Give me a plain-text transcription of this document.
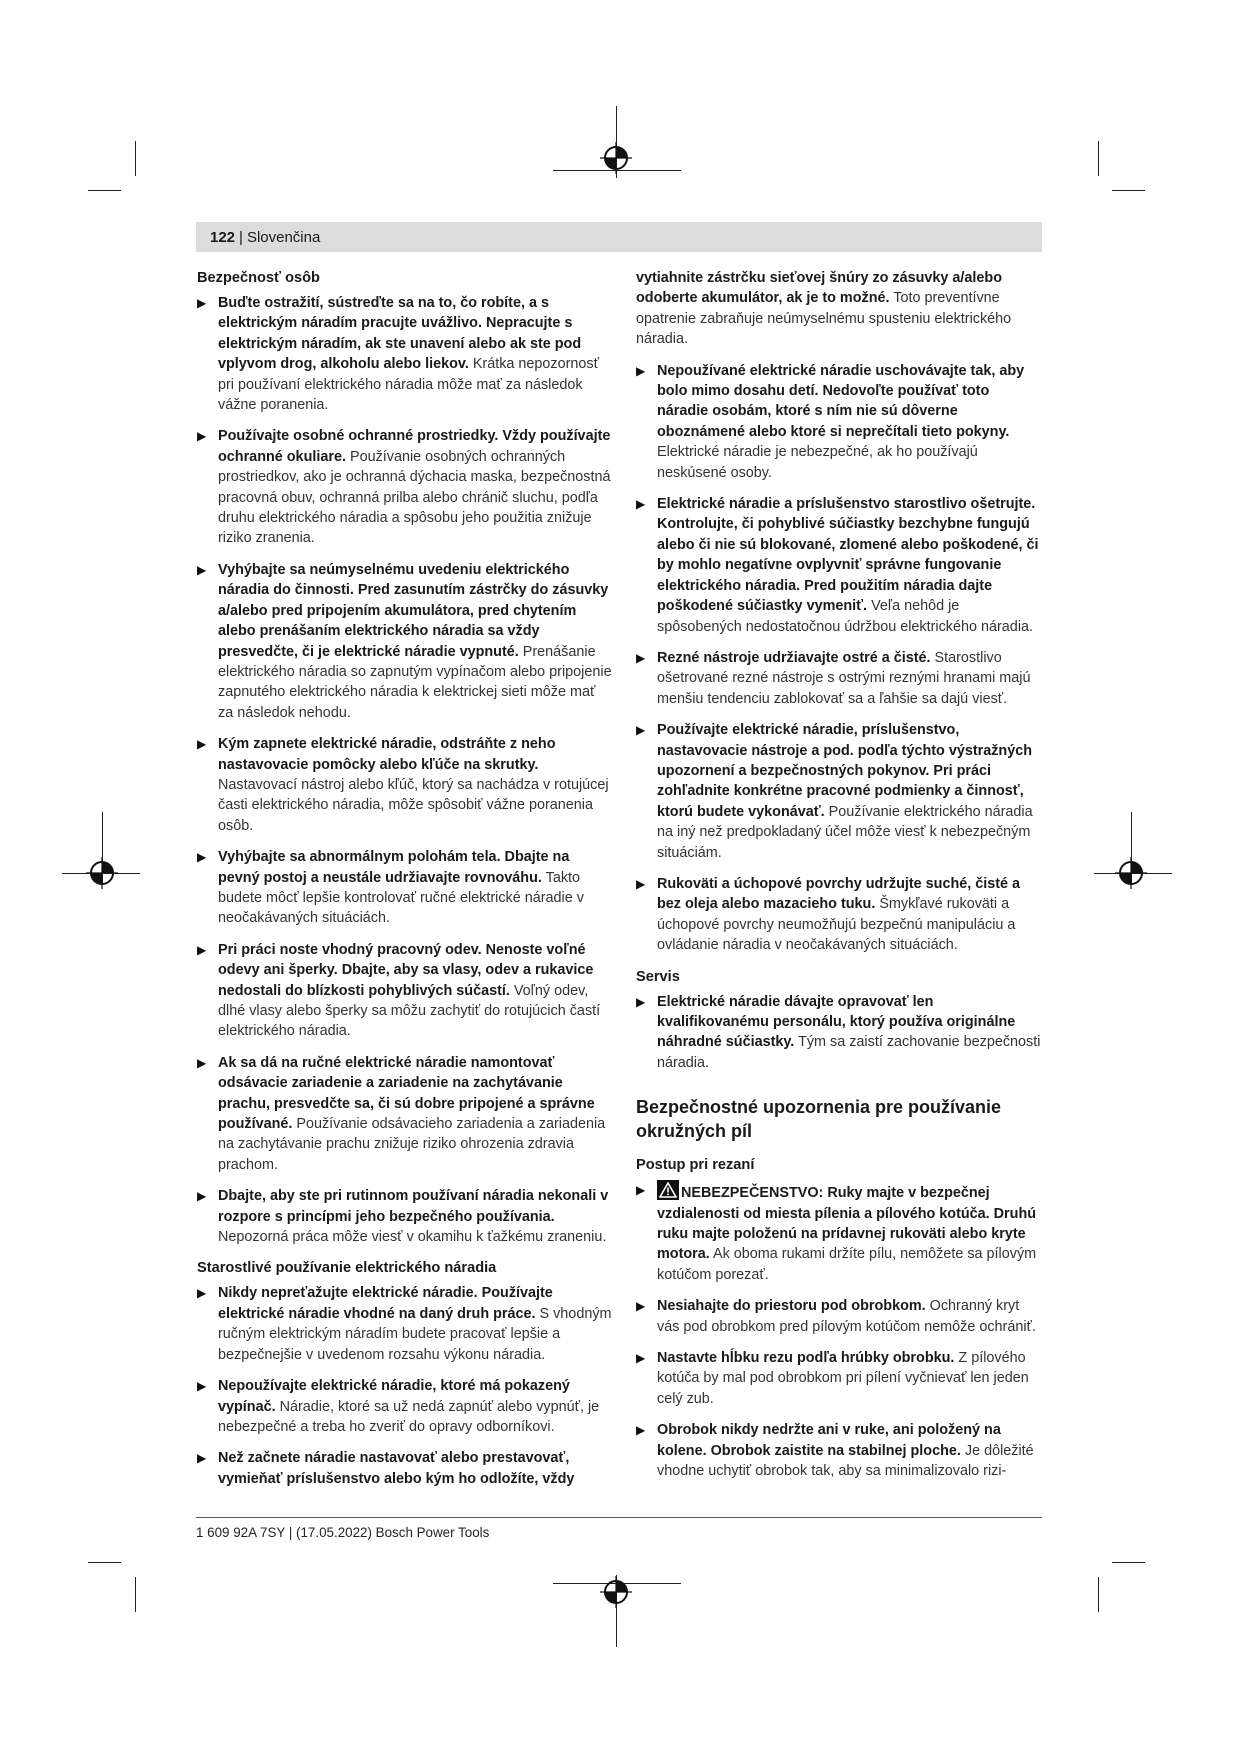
122 | Slovenčina
Bezpečnosť osôb
▶ Buďte ostražití, sústreďte sa na to, čo robíte, a s elektrickým náradím pracujte uvážlivo. Nepracujte s elektrickým náradím, ak ste unavení alebo ak ste pod vplyvom drog, alkoholu alebo liekov. Krátka nepozornosť pri používaní elektrického náradia môže mať za následok vážne poranenia.
▶ Používajte osobné ochranné prostriedky. Vždy používajte ochranné okuliare. Používanie osobných ochranných prostriedkov, ako je ochranná dýchacia maska, bezpečnostná pracovná obuv, ochranná prilba alebo chránič sluchu, podľa druhu elektrického náradia a spôsobu jeho použitia znižuje riziko zranenia.
▶ Vyhýbajte sa neúmyselnému uvedeniu elektrického náradia do činnosti. Pred zasunutím zástrčky do zásuvky a/alebo pred pripojením akumulátora, pred chytením alebo prenášaním elektrického náradia sa vždy presvedčte, či je elektrické náradie vypnuté. Prenášanie elektrického náradia so zapnutým vypínačom alebo pripojenie zapnutého elektrického náradia k elektrickej sieti môže mať za následok nehodu.
▶ Kým zapnete elektrické náradie, odstráňte z neho nastavovacie pomôcky alebo kľúče na skrutky. Nastavovací nástroj alebo kľúč, ktorý sa nachádza v rotujúcej časti elektrického náradia, môže spôsobiť vážne poranenia osôb.
▶ Vyhýbajte sa abnormálnym polohám tela. Dbajte na pevný postoj a neustále udržiavajte rovnováhu. Takto budete môcť lepšie kontrolovať ručné elektrické náradie v neočakávaných situáciách.
▶ Pri práci noste vhodný pracovný odev. Nenoste voľné odevy ani šperky. Dbajte, aby sa vlasy, odev a rukavice nedostali do blízkosti pohyblivých súčastí. Voľný odev, dlhé vlasy alebo šperky sa môžu zachytiť do rotujúcich častí elektrického náradia.
▶ Ak sa dá na ručné elektrické náradie namontovať odsávacie zariadenie a zariadenie na zachytávanie prachu, presvedčte sa, či sú dobre pripojené a správne používané. Používanie odsávacieho zariadenia a zariadenia na zachytávanie prachu znižuje riziko ohrozenia zdravia prachom.
▶ Dbajte, aby ste pri rutinnom používaní náradia nekonali v rozpore s princípmi jeho bezpečného používania. Nepozorná práca môže viesť v okamihu k ťažkému zraneniu.
Starostlivé používanie elektrického náradia
▶ Nikdy nepreťažujte elektrické náradie. Používajte elektrické náradie vhodné na daný druh práce. S vhodným ručným elektrickým náradím budete pracovať lepšie a bezpečnejšie v uvedenom rozsahu výkonu náradia.
▶ Nepoužívajte elektrické náradie, ktoré má pokazený vypínač. Náradie, ktoré sa už nedá zapnúť alebo vypnúť, je nebezpečné a treba ho zveriť do opravy odborníkovi.
▶ Než začnete náradie nastavovať alebo prestavovať, vymieňať príslušenstvo alebo kým ho odložíte, vždy
vytiahnite zástrčku sieťovej šnúry zo zásuvky a/alebo odoberte akumulátor, ak je to možné. Toto preventívne opatrenie zabraňuje neúmyselnému spusteniu elektrického náradia.
▶ Nepoužívané elektrické náradie uschovávajte tak, aby bolo mimo dosahu detí. Nedovoľte používať toto náradie osobám, ktoré s ním nie sú dôverne oboznámené alebo ktoré si neprečítali tieto pokyny. Elektrické náradie je nebezpečné, ak ho používajú neskúsené osoby.
▶ Elektrické náradie a príslušenstvo starostlivo ošetrujte. Kontrolujte, či pohyblivé súčiastky bezchybne fungujú alebo či nie sú blokované, zlomené alebo poškodené, či by mohlo negatívne ovplyvniť správne fungovanie elektrického náradia. Pred použitím náradia dajte poškodené súčiastky vymeniť. Veľa nehôd je spôsobených nedostatočnou údržbou elektrického náradia.
▶ Rezné nástroje udržiavajte ostré a čisté. Starostlivo ošetrované rezné nástroje s ostrými reznými hranami majú menšiu tendenciu zablokovať sa a ľahšie sa dajú viesť.
▶ Používajte elektrické náradie, príslušenstvo, nastavovacie nástroje a pod. podľa týchto výstražných upozornení a bezpečnostných pokynov. Pri práci zohľadnite konkrétne pracovné podmienky a činnosť, ktorú budete vykonávať. Používanie elektrického náradia na iný než predpokladaný účel môže viesť k nebezpečným situáciám.
▶ Rukoväti a úchopové povrchy udržujte suché, čisté a bez oleja alebo mazacieho tuku. Šmykľavé rukoväti a úchopové povrchy neumožňujú bezpečnú manipuláciu a ovládanie náradia v neočakávaných situáciách.
Servis
▶ Elektrické náradie dávajte opravovať len kvalifikovanému personálu, ktorý používa originálne náhradné súčiastky. Tým sa zaistí zachovanie bezpečnosti náradia.
Bezpečnostné upozornenia pre používanie okružných píl
Postup pri rezaní
▶ NEBEZPEČENSTVO: Ruky majte v bezpečnej vzdialenosti od miesta pílenia a pílového kotúča. Druhú ruku majte položenú na prídavnej rukoväti alebo kryte motora. Ak oboma rukami držíte pílu, nemôžete sa pílovým kotúčom porezať.
▶ Nesiahajte do priestoru pod obrobkom. Ochranný kryt vás pod obrobkom pred pílovým kotúčom nemôže ochrániť.
▶ Nastavte hĺbku rezu podľa hrúbky obrobku. Z pílového kotúča by mal pod obrobkom pri pílení vyčnievať len jeden celý zub.
▶ Obrobok nikdy nedržte ani v ruke, ani položený na kolene. Obrobok zaistite na stabilnej ploche. Je dôležité vhodne uchytiť obrobok tak, aby sa minimalizovalo rizi-
1 609 92A 7SY | (17.05.2022) Bosch Power Tools
